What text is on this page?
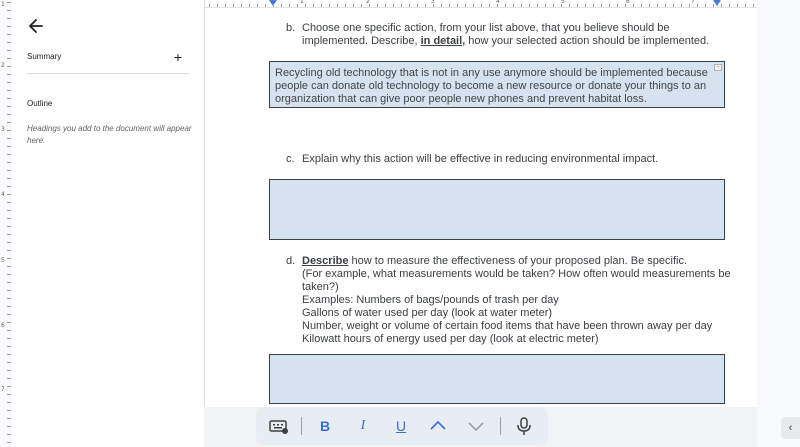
1
2
3
4
5
6
7
Summary	+
Outline
Headings you add to the document will appear here.
1	2	3	4	5	6	7
b. Choose one specific action, from your list above, that you believe should be
implemented. Describe, in detail, how your selected action should be implemented.
Recycling old technology that is not in any use anymore should be implemented because people can donate old technology to become a new resource or donate your things to an organization that can give poor people new phones and prevent habitat loss.
–
c. Explain why this action will be effective in reducing environmental impact.
d. Describe how to measure the effectiveness of your proposed plan. Be specific.
(For example, what measurements would be taken? How often would measurements be
taken?)
Examples: Numbers of bags/pounds of trash per day
Gallons of water used per day (look at water meter)
Number, weight or volume of certain food items that have been thrown away per day
Kilowatt hours of energy used per day (look at electric meter)
‹
B	I	U
